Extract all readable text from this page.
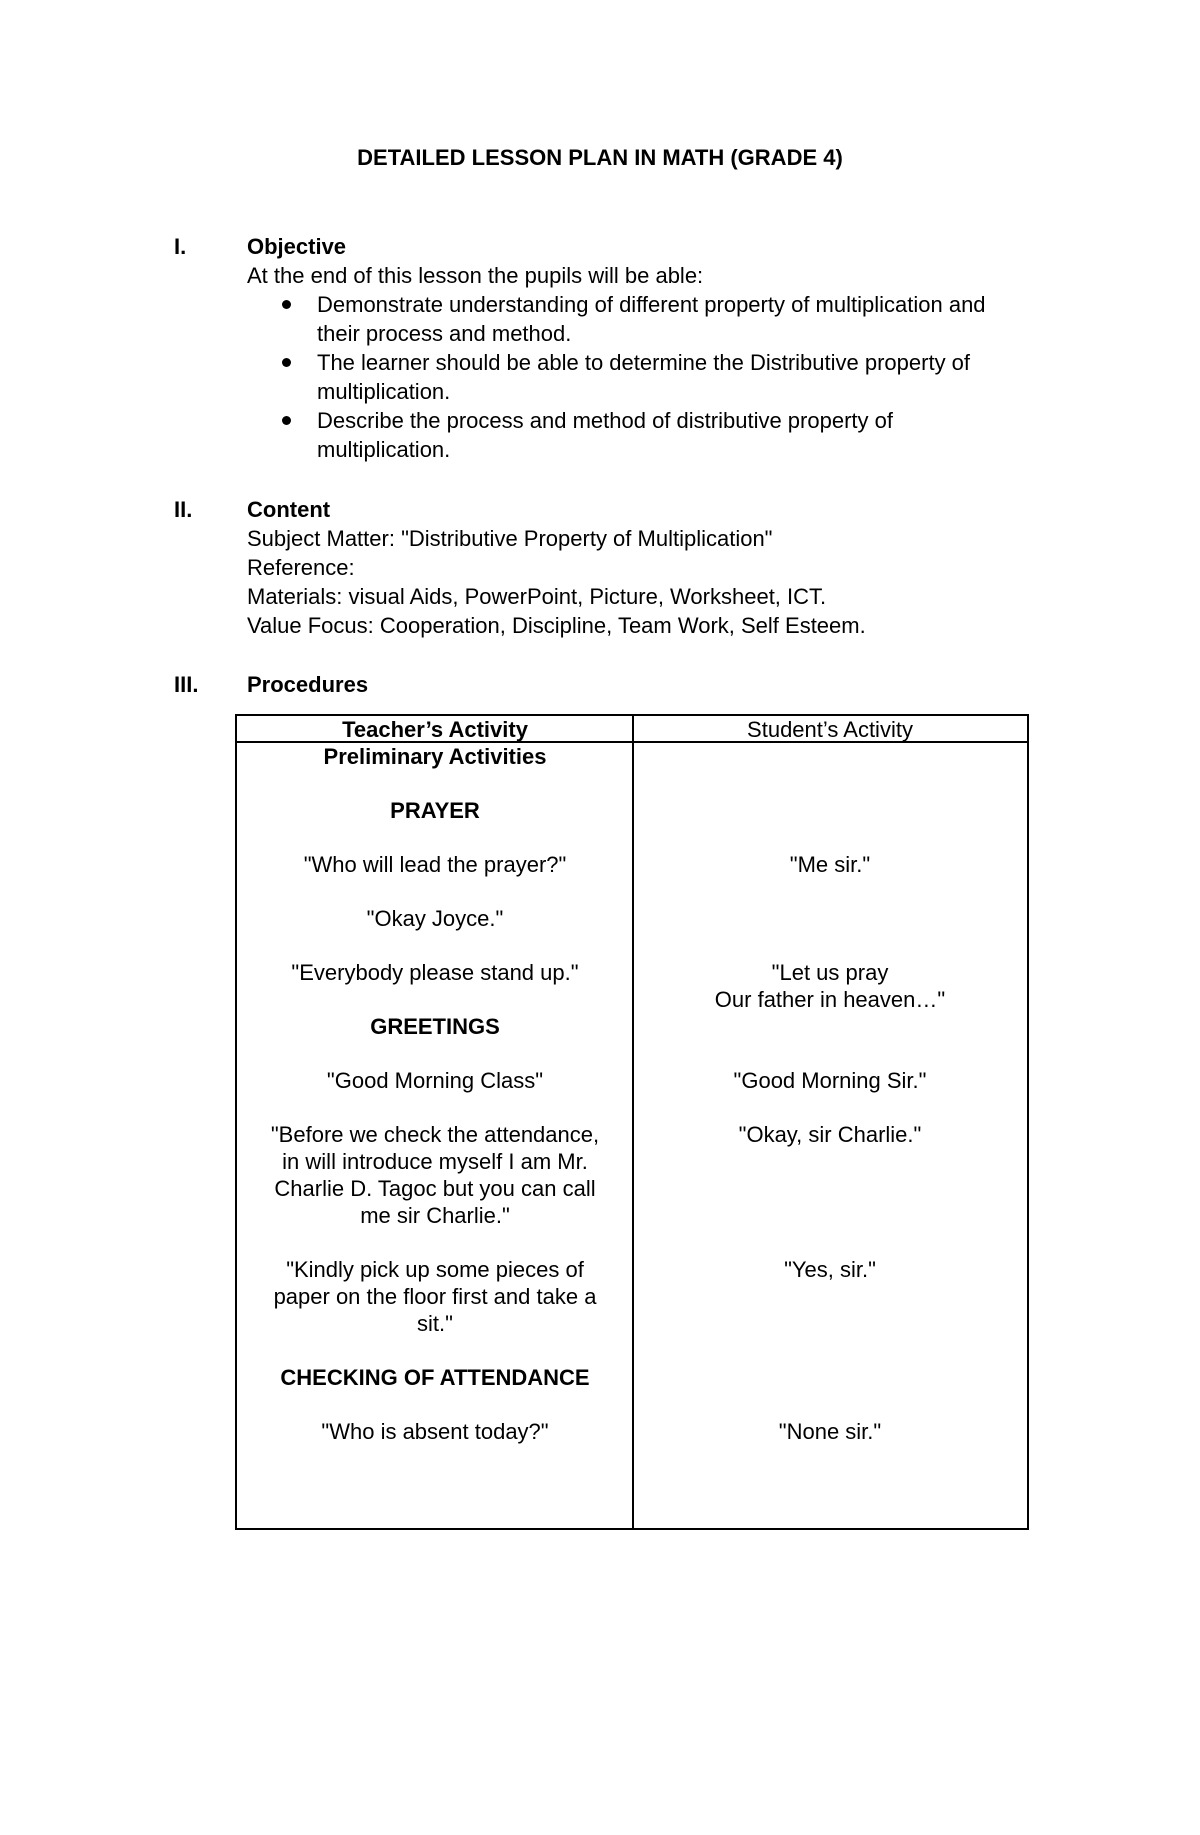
DETAILED LESSON PLAN IN MATH (GRADE 4)
I.	Objective
At the end of this lesson the pupils will be able:
Demonstrate understanding of different property of multiplication and
their process and method.
The learner should be able to determine the Distributive property of
multiplication.
Describe the process and method of distributive property of
multiplication.
II. Content
Subject Matter: "Distributive Property of Multiplication"
Reference:
Materials: visual Aids, PowerPoint, Picture, Worksheet, ICT.
Value Focus: Cooperation, Discipline, Team Work, Self Esteem.
III. Procedures
Teacher’s Activity
Preliminary Activities

PRAYER

"Who will lead the prayer?"

"Okay Joyce."

"Everybody please stand up."

GREETINGS

"Good Morning Class"

"Before we check the attendance,
in will introduce myself I am Mr.
Charlie D. Tagoc but you can call
me sir Charlie."

"Kindly pick up some pieces of
paper on the floor first and take a
sit."

CHECKING OF ATTENDANCE

"Who is absent today?"
Student’s Activity

"Me sir."

"Let us pray
Our father in heaven…"

"Good Morning Sir."

"Okay, sir Charlie."

"Yes, sir."

"None sir."
